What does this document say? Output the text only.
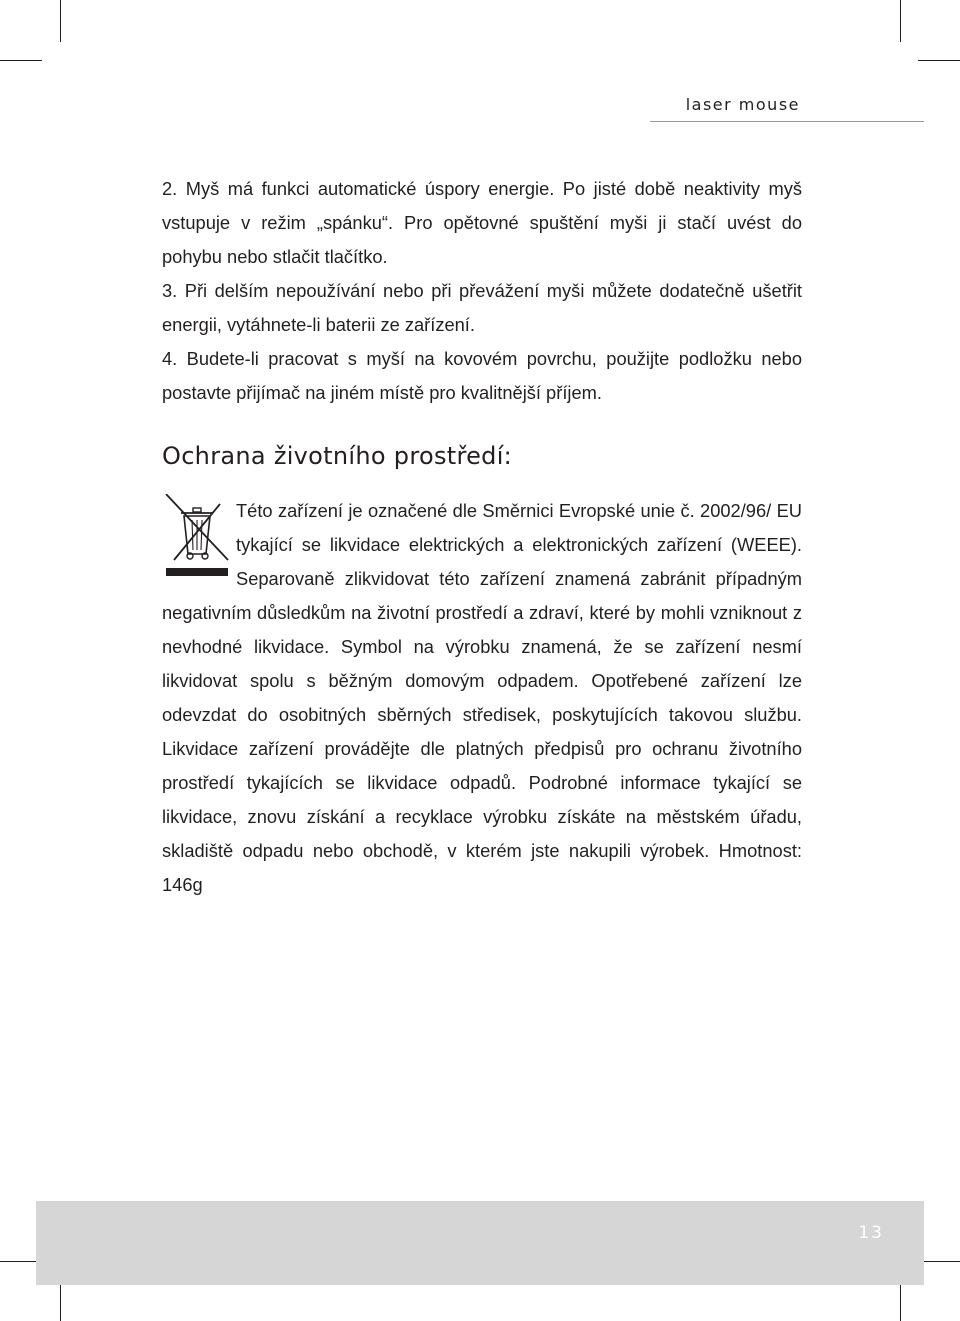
laser mouse

2. Myš má funkci automatické úspory energie. Po jisté době neaktivity myš vstupuje v režim „spánku“. Pro opětovné spuštění myši ji stačí uvést do pohybu nebo stlačit tlačítko.

3. Při delším nepoužívání nebo při převážení myši můžete dodatečně ušetřit energii, vytáhnete-li baterii ze zařízení.

4. Budete-li pracovat s myší na kovovém povrchu, použijte podložku nebo postavte přijímač na jiném místě pro kvalitnější příjem.

Ochrana životního prostředí:

Této zařízení je označené dle Směrnici Evropské unie č. 2002/96/ EU tykající se likvidace elektrických a elektronických zařízení (WEEE). Separovaně zlikvidovat této zařízení znamená zabránit případným negativním důsledkům na životní prostředí a zdraví, které by mohli vzniknout z nevhodné likvidace. Symbol na výrobku znamená, že se zařízení nesmí likvidovat spolu s běžným domovým odpadem. Opotřebené zařízení lze odevzdat do osobitných sběrných středisek, poskytujících takovou službu. Likvidace zařízení provádějte dle platných předpisů pro ochranu životního prostředí tykajících se likvidace odpadů. Podrobné informace tykající se likvidace, znovu získání a recyklace výrobku získáte na městském úřadu, skladiště odpadu nebo obchodě, v kterém jste nakupili výrobek. Hmotnost: 146g

13
